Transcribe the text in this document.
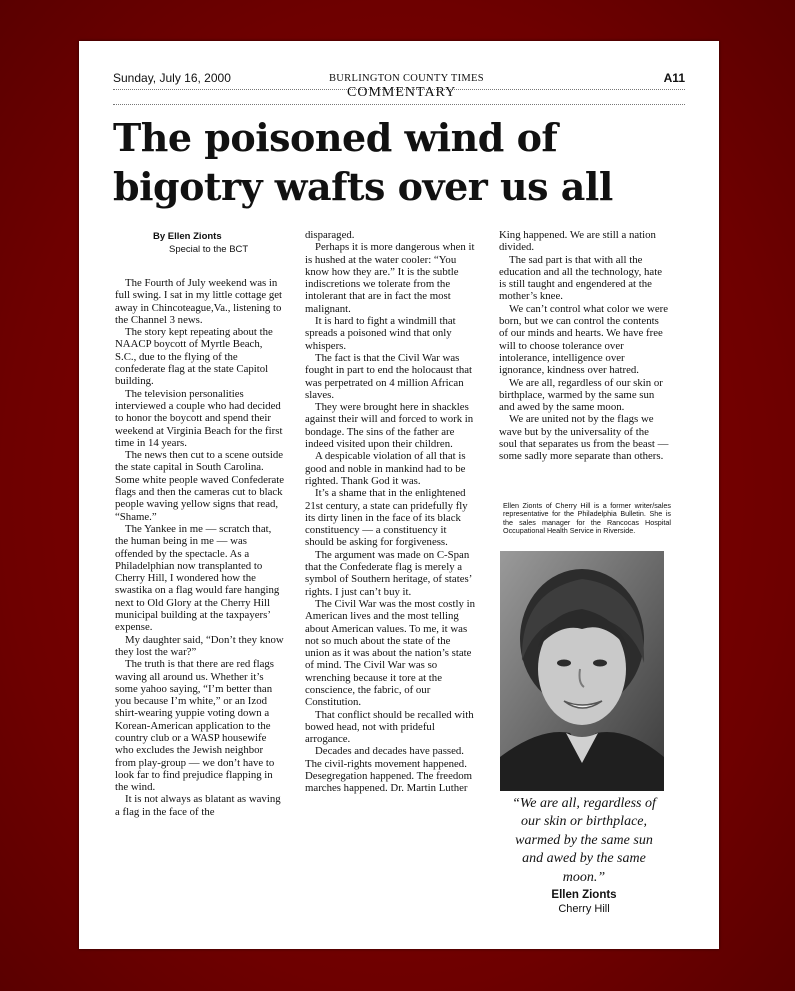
Sunday, July 16, 2000	BURLINGTON COUNTY TIMES	A11
COMMENTARY
The poisoned wind of
bigotry wafts over us all
By Ellen Zionts
Special to the BCT

The Fourth of July weekend was in full swing. I sat in my little cottage get away in Chincoteague,Va., listening to the Channel 3 news.

The story kept repeating about the NAACP boycott of Myrtle Beach, S.C., due to the flying of the confederate flag at the state Capitol building.

The television personalities interviewed a couple who had decided to honor the boycott and spend their weekend at Virginia Beach for the first time in 14 years.

The news then cut to a scene outside the state capital in South Carolina. Some white people waved Confederate flags and then the cameras cut to black people waving yellow signs that read, “Shame.”

The Yankee in me — scratch that, the human being in me — was offended by the spectacle. As a Philadelphian now transplanted to Cherry Hill, I wondered how the swastika on a flag would fare hanging next to Old Glory at the Cherry Hill municipal building at the taxpayers’ expense.

My daughter said, “Don’t they know they lost the war?”

The truth is that there are red flags waving all around us. Whether it’s some yahoo saying, “I’m better than you because I’m white,” or an Izod shirt-wearing yuppie voting down a Korean-American application to the country club or a WASP housewife who excludes the Jewish neighbor from play-group — we don’t have to look far to find prejudice flapping in the wind.

It is not always as blatant as waving a flag in the face of the

disparaged.

Perhaps it is more dangerous when it is hushed at the water cooler: “You know how they are.” It is the subtle indiscretions we tolerate from the intolerant that are in fact the most malignant.

It is hard to fight a windmill that spreads a poisoned wind that only whispers.

The fact is that the Civil War was fought in part to end the holocaust that was perpetrated on 4 million African slaves.

They were brought here in shackles against their will and forced to work in bondage. The sins of the father are indeed visited upon their children.

A despicable violation of all that is good and noble in mankind had to be righted. Thank God it was.

It’s a shame that in the enlightened 21st century, a state can pridefully fly its dirty linen in the face of its black constituency — a constituency it should be asking for forgiveness.

The argument was made on C-Span that the Confederate flag is merely a symbol of Southern heritage, of states’ rights. I just can’t buy it.

The Civil War was the most costly in American lives and the most telling about American values. To me, it was not so much about the state of the union as it was about the nation’s state of mind. The Civil War was so wrenching because it tore at the conscience, the fabric, of our Constitution.

That conflict should be recalled with bowed head, not with prideful arrogance.

Decades and decades have passed. The civil-rights movement happened. Desegregation happened. The freedom marches happened. Dr. Martin Luther

King happened. We are still a nation divided.

The sad part is that with all the education and all the technology, hate is still taught and engendered at the mother’s knee.

We can’t control what color we were born, but we can control the contents of our minds and hearts. We have free will to choose tolerance over intolerance, intelligence over ignorance, kindness over hatred.

We are all, regardless of our skin or birthplace, warmed by the same sun and awed by the same moon.

We are united not by the flags we wave but by the universality of the soul that separates us from the beast — some sadly more separate than others.

Ellen Zionts of Cherry Hill is a former writer/sales representative for the Philadelphia Bulletin. She is the sales manager for the Rancocas Hospital Occupational Health Service in Riverside.
“We are all, regardless of
our skin or birthplace,
warmed by the same sun
and awed by the same
moon.”
Ellen Zionts
Cherry Hill
